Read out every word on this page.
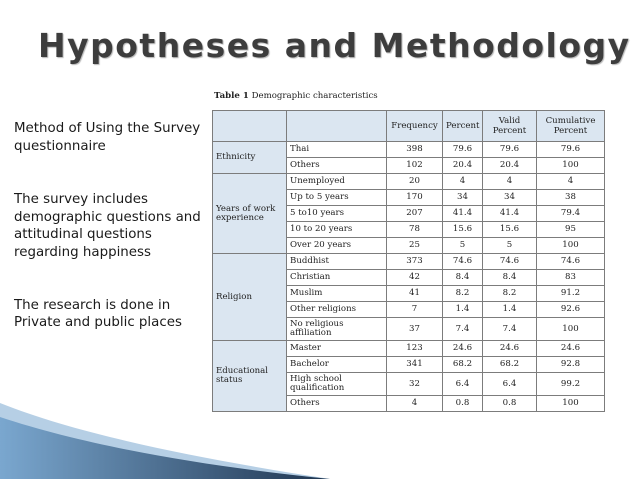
Hypotheses and Methodology

Method of Using the Survey questionnaire

The survey includes demographic questions and attitudinal questions regarding happiness

The research is done in Private and public places

Table 1 Demographic characteristics
		Frequency	Percent	Valid Percent	Cumulative Percent
Ethnicity	Thai	398	79.6	79.6	79.6
	Others	102	20.4	20.4	100
Years of work experience	Unemployed	20	4	4	4
	Up to 5 years	170	34	34	38
	5 to10 years	207	41.4	41.4	79.4
	10 to 20 years	78	15.6	15.6	95
	Over 20 years	25	5	5	100
Religion	Buddhist	373	74.6	74.6	74.6
	Christian	42	8.4	8.4	83
	Muslim	41	8.2	8.2	91.2
	Other religions	7	1.4	1.4	92.6
	No religious affiliation	37	7.4	7.4	100
Educational status	Master	123	24.6	24.6	24.6
	Bachelor	341	68.2	68.2	92.8
	High school qualification	32	6.4	6.4	99.2
	Others	4	0.8	0.8	100
